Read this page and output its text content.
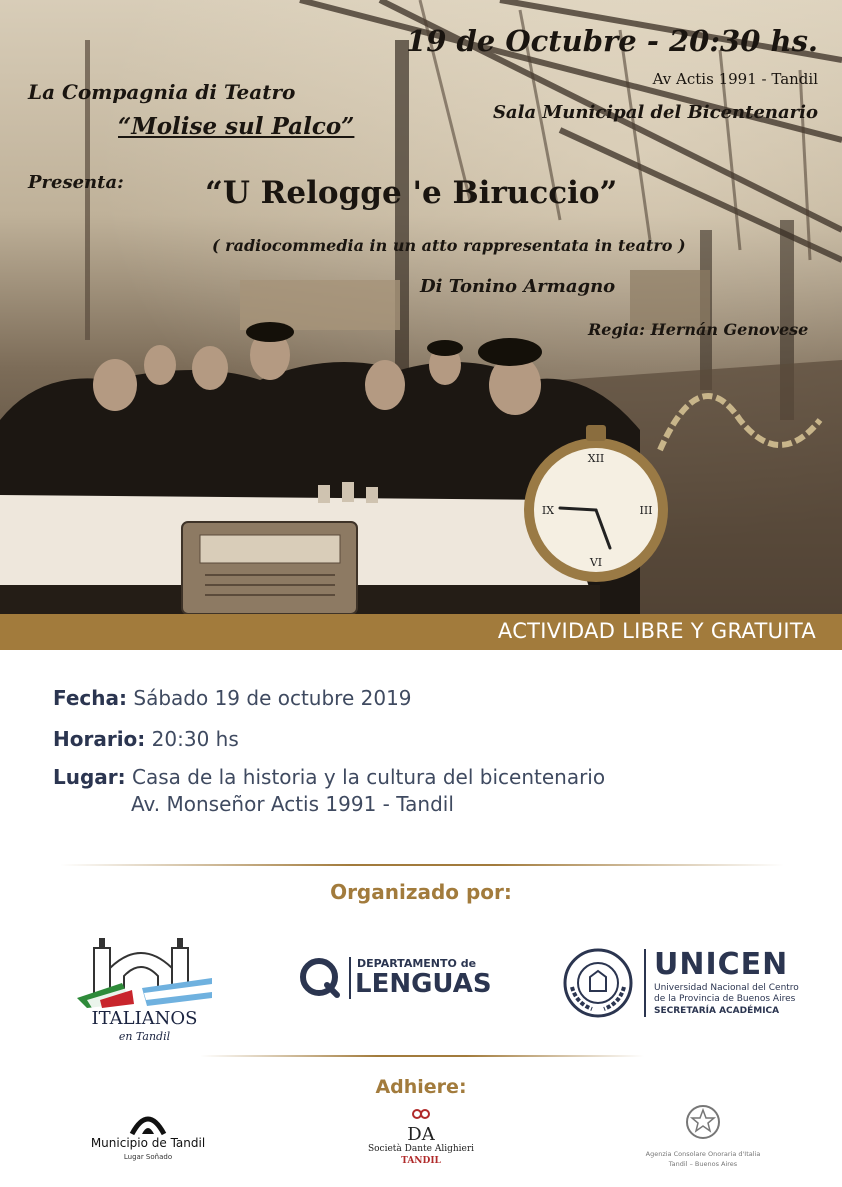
XII
III
VI
IX
19 de Octubre - 20:30 hs.
Av Actis 1991 - Tandil
Sala Municipal del Bicentenario
La Compagnia di Teatro
“Molise sul Palco”
Presenta:	“U Relogge 'e Biruccio”
( radiocommedia in un atto rappresentata in teatro )
Di Tonino Armagno
Regia: Hernán Genovese
ACTIVIDAD LIBRE Y GRATUITA
Fecha: Sábado 19 de octubre 2019
Horario: 20:30 hs
Lugar: Casa de la historia y la cultura del bicentenario
Av. Monseñor Actis 1991 - Tandil
Organizado por:
ITALIANOS
en Tandil
DEPARTAMENTO de
LENGUAS
UNICEN
Universidad Nacional del Centro
de la Provincia de Buenos Aires
SECRETARÍA ACADÉMICA
Adhiere:
Municipio de Tandil
Lugar Soñado
DA
Società Dante Alighieri
TANDIL
Agenzia Consolare Onoraria d'Italia
Tandil – Buenos Aires
